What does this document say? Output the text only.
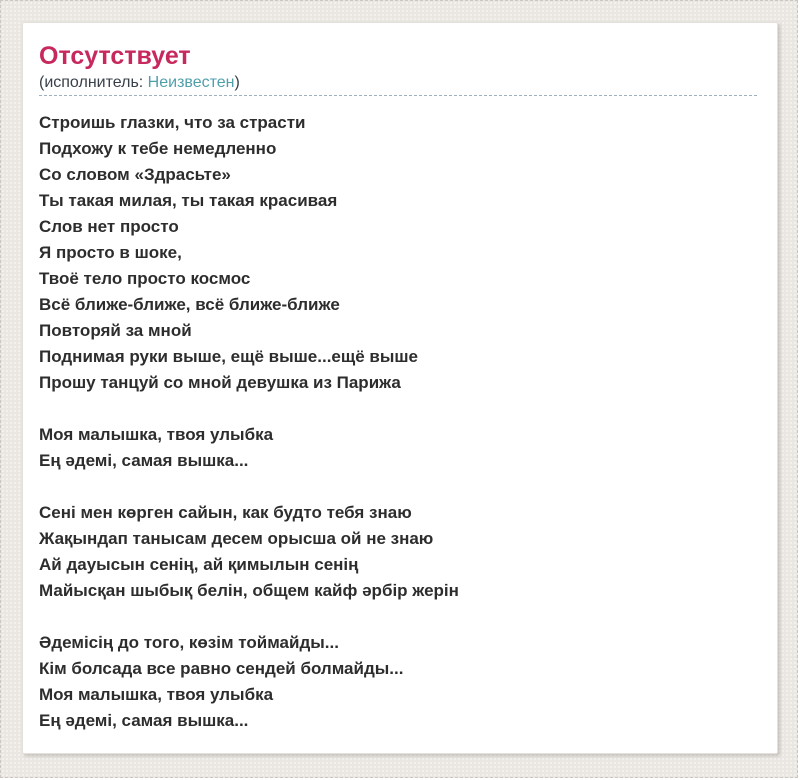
Отсутствует
(исполнитель: Неизвестен)
Строишь глазки, что за страсти
Подхожу к тебе немедленно
Со словом «Здрасьте»
Ты такая милая, ты такая красивая
Слов нет просто
Я просто в шоке,
Твоё тело просто космос
Всё ближе-ближе, всё ближе-ближе
Повторяй за мной
Поднимая руки выше, ещё выше...ещё выше
Прошу танцуй со мной девушка из Парижа
Моя малышка, твоя улыбка
Ең әдемі, самая вышка...
Сені мен көрген сайын, как будто тебя знаю
Жақындап танысам десем орысша ой не знаю
Ай дауысын сенің, ай қимылын сенің
Майысқан шыбық белін, общем кайф әрбір жерін
Әдемісің до того, көзім тоймайды...
Кім болсада все равно сендей болмайды...
Моя малышка, твоя улыбка
Ең әдемі, самая вышка...
